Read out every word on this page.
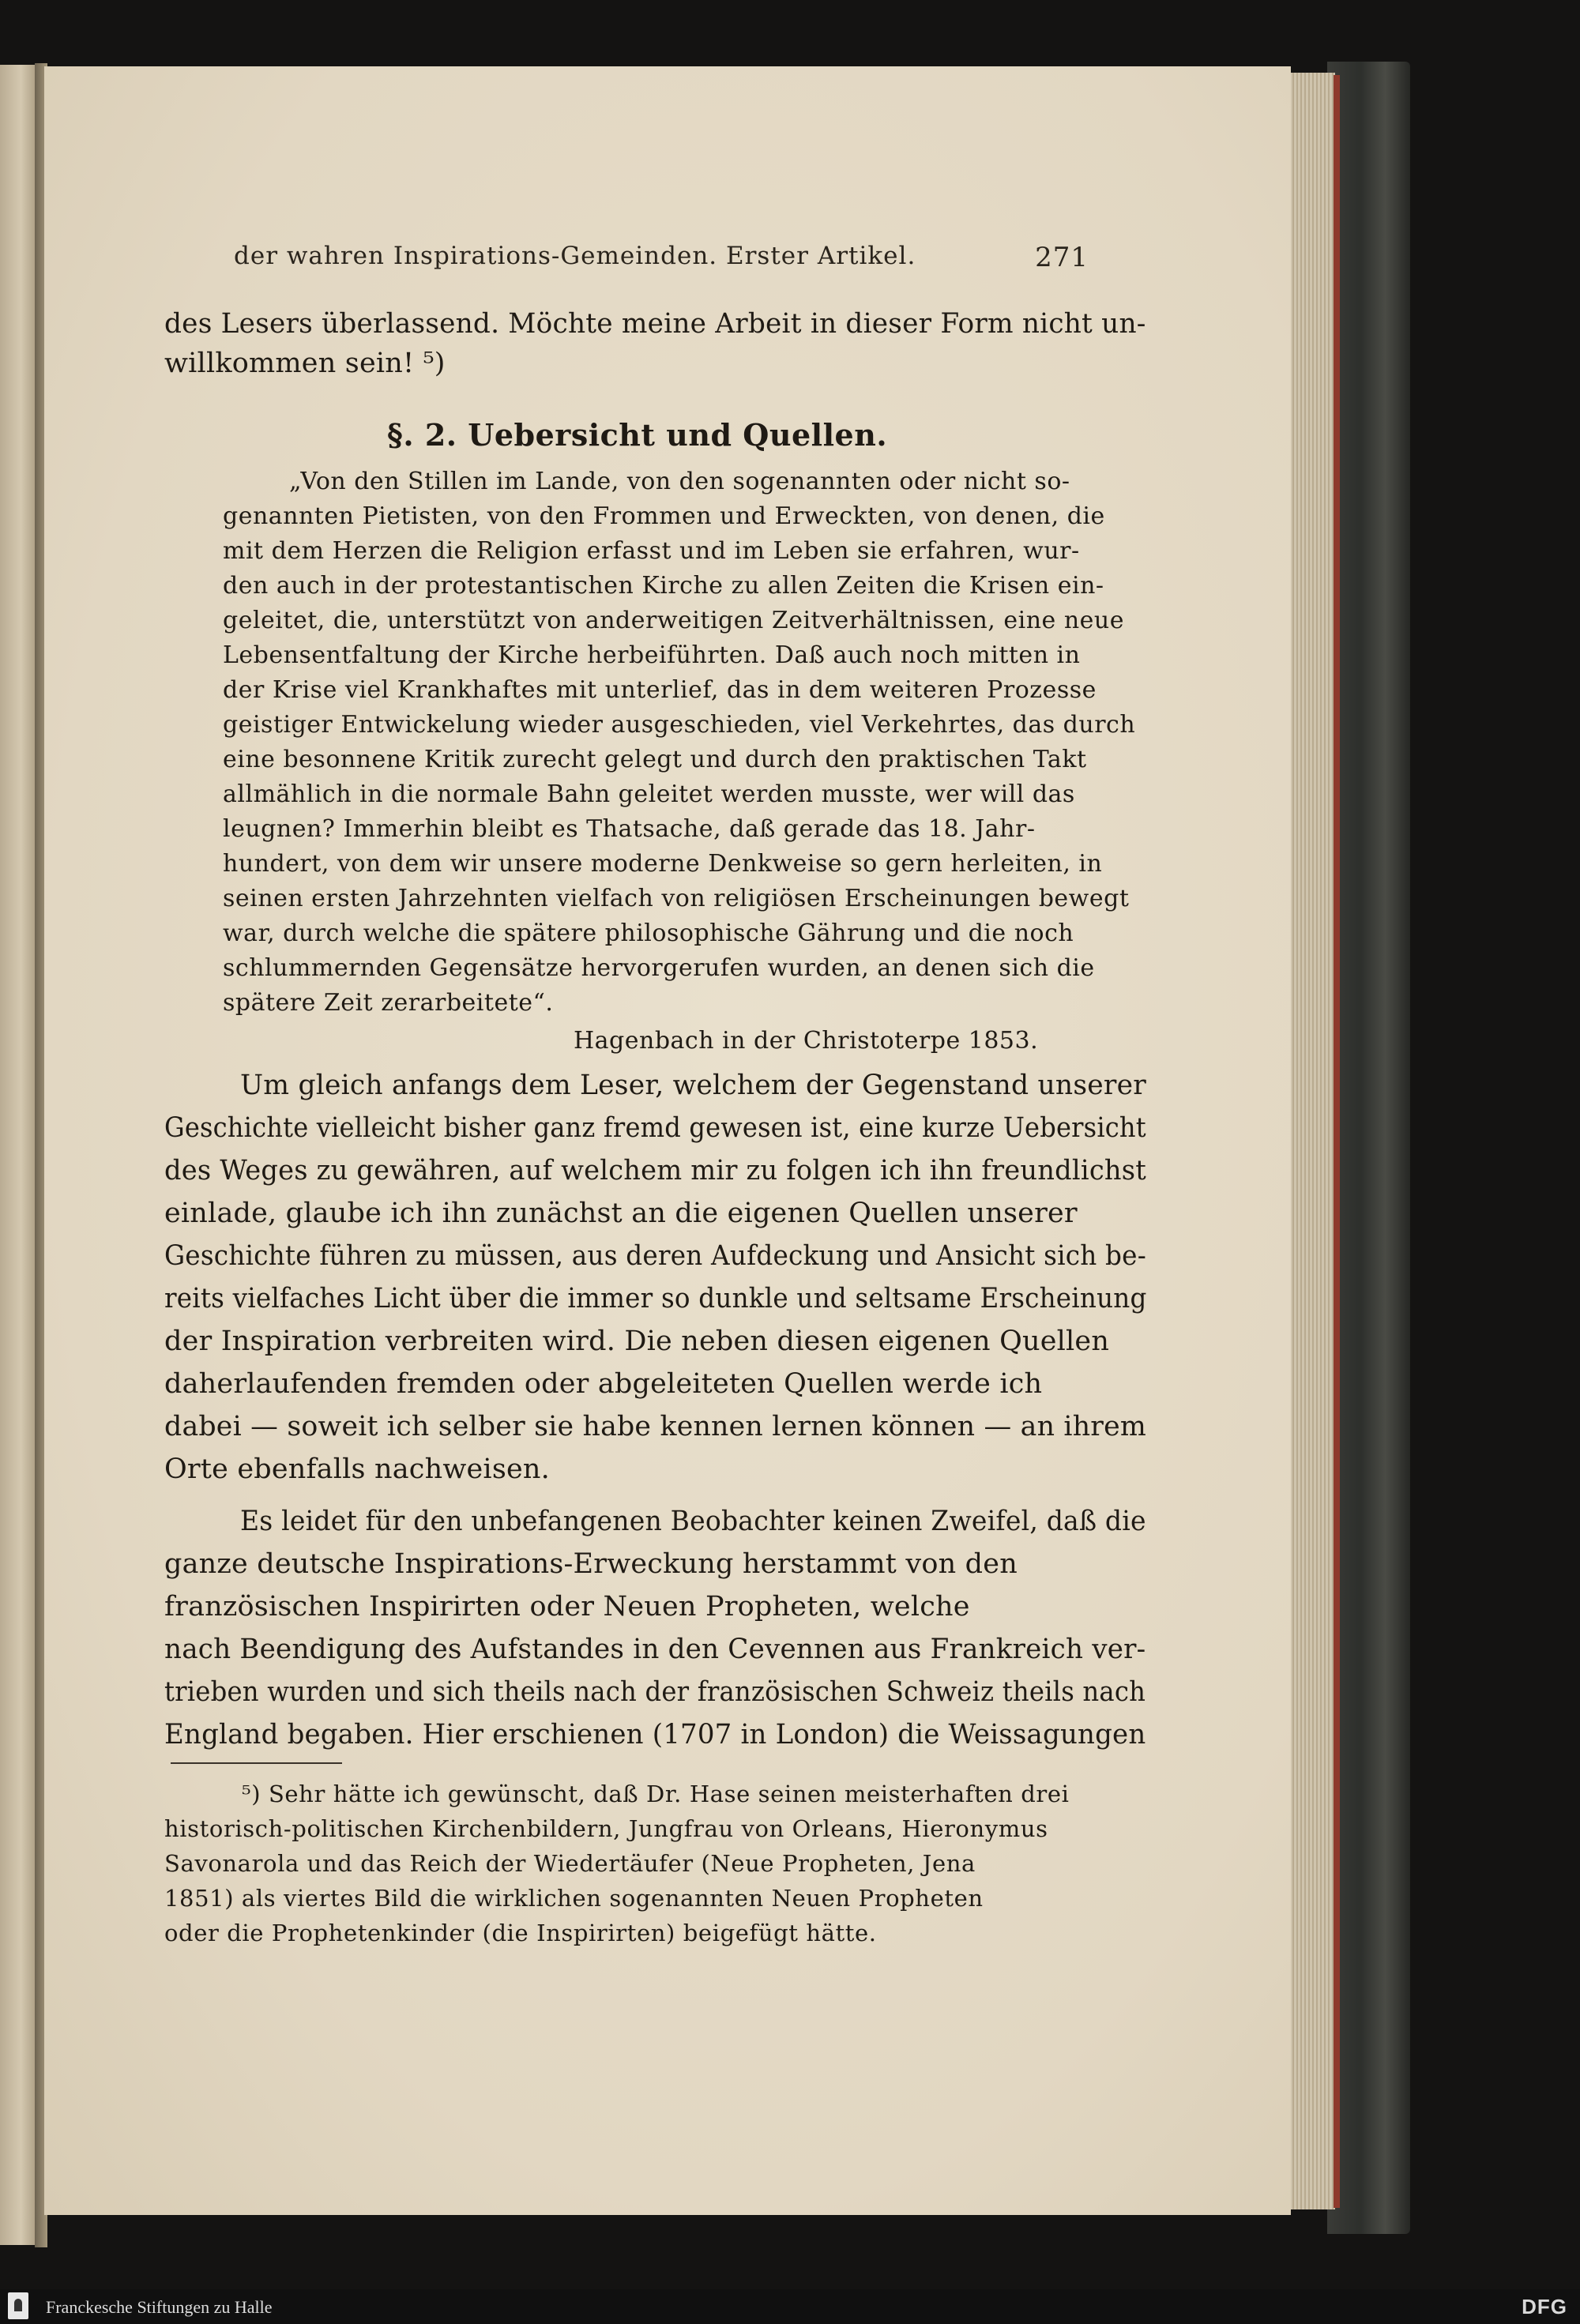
der wahren Inspirations-Gemeinden. Erster Artikel.	271
des Lesers überlassend. Möchte meine Arbeit in dieser Form nicht un-
willkommen sein! ⁵)
§. 2. Uebersicht und Quellen.
„Von den Stillen im Lande, von den sogenannten oder nicht so-
genannten Pietisten, von den Frommen und Erweckten, von denen, die
mit dem Herzen die Religion erfasst und im Leben sie erfahren, wur-
den auch in der protestantischen Kirche zu allen Zeiten die Krisen ein-
geleitet, die, unterstützt von anderweitigen Zeitverhältnissen, eine neue
Lebensentfaltung der Kirche herbeiführten. Daß auch noch mitten in
der Krise viel Krankhaftes mit unterlief, das in dem weiteren Prozesse
geistiger Entwickelung wieder ausgeschieden, viel Verkehrtes, das durch
eine besonnene Kritik zurecht gelegt und durch den praktischen Takt
allmählich in die normale Bahn geleitet werden musste, wer will das
leugnen? Immerhin bleibt es Thatsache, daß gerade das 18. Jahr-
hundert, von dem wir unsere moderne Denkweise so gern herleiten, in
seinen ersten Jahrzehnten vielfach von religiösen Erscheinungen bewegt
war, durch welche die spätere philosophische Gährung und die noch
schlummernden Gegensätze hervorgerufen wurden, an denen sich die
spätere Zeit zerarbeitete“.
Hagenbach in der Christoterpe 1853.
Um gleich anfangs dem Leser, welchem der Gegenstand unserer
Geschichte vielleicht bisher ganz fremd gewesen ist, eine kurze Uebersicht
des Weges zu gewähren, auf welchem mir zu folgen ich ihn freundlichst
einlade, glaube ich ihn zunächst an die eigenen Quellen unserer
Geschichte führen zu müssen, aus deren Aufdeckung und Ansicht sich be-
reits vielfaches Licht über die immer so dunkle und seltsame Erscheinung
der Inspiration verbreiten wird. Die neben diesen eigenen Quellen
daherlaufenden fremden oder abgeleiteten Quellen werde ich
dabei — soweit ich selber sie habe kennen lernen können — an ihrem
Orte ebenfalls nachweisen.
Es leidet für den unbefangenen Beobachter keinen Zweifel, daß die
ganze deutsche Inspirations-Erweckung herstammt von den
französischen Inspirirten oder Neuen Propheten, welche
nach Beendigung des Aufstandes in den Cevennen aus Frankreich ver-
trieben wurden und sich theils nach der französischen Schweiz theils nach
England begaben. Hier erschienen (1707 in London) die Weissagungen
⁵) Sehr hätte ich gewünscht, daß Dr. Hase seinen meisterhaften drei
historisch-politischen Kirchenbildern, Jungfrau von Orleans, Hieronymus
Savonarola und das Reich der Wiedertäufer (Neue Propheten, Jena
1851) als viertes Bild die wirklichen sogenannten Neuen Propheten
oder die Prophetenkinder (die Inspirirten) beigefügt hätte.
Franckesche Stiftungen zu Halle	DFG
